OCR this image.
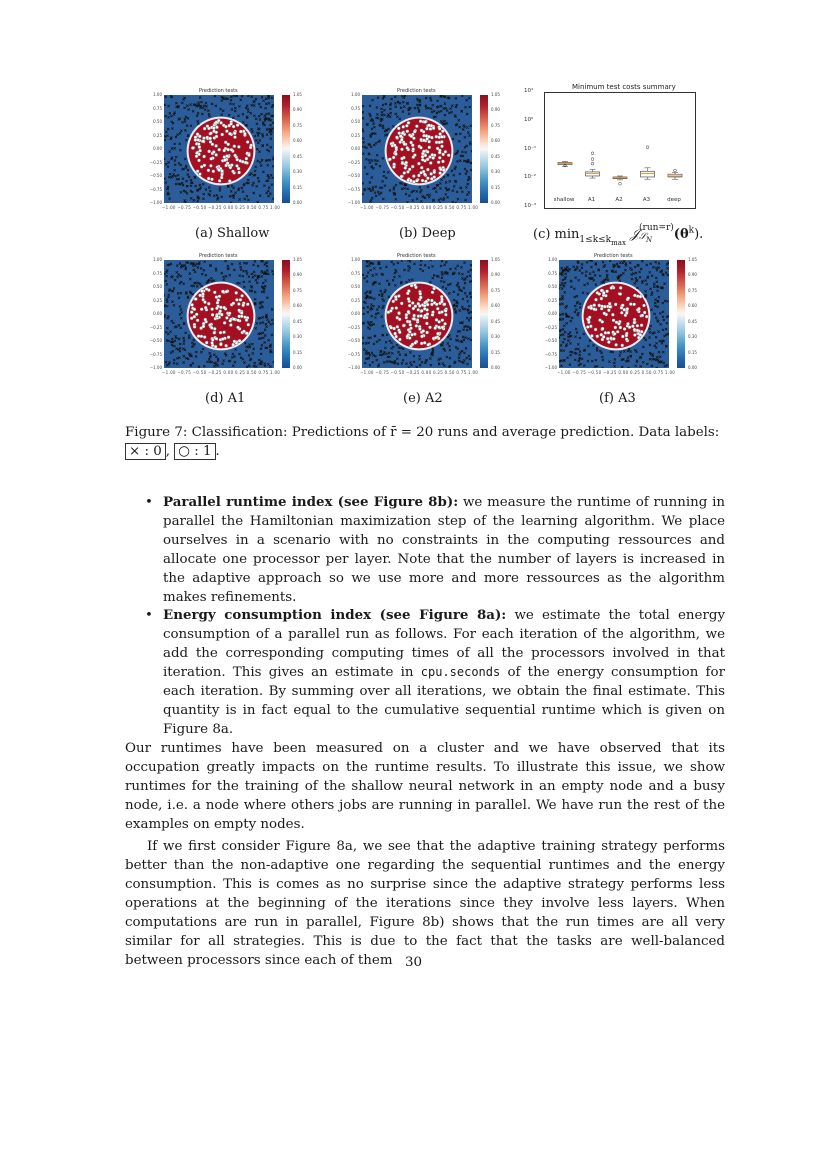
Prediction tests
1.00
0.75
0.50
0.25
0.00
−0.25
−0.50
−0.75
−1.00
−1.00 −0.75 −0.50 −0.25 0.00 0.25 0.50 0.75 1.00
1.05
0.90
0.75
0.60
0.45
0.30
0.15
0.00
Prediction tests
1.00
0.75
0.50
0.25
0.00
−0.25
−0.50
−0.75
−1.00
−1.00 −0.75 −0.50 −0.25 0.00 0.25 0.50 0.75 1.00
1.05
0.90
0.75
0.60
0.45
0.30
0.15
0.00
Prediction tests
1.00
0.75
0.50
0.25
0.00
−0.25
−0.50
−0.75
−1.00
−1.00 −0.75 −0.50 −0.25 0.00 0.25 0.50 0.75 1.00
1.05
0.90
0.75
0.60
0.45
0.30
0.15
0.00
Prediction tests
1.00
0.75
0.50
0.25
0.00
−0.25
−0.50
−0.75
−1.00
−1.00 −0.75 −0.50 −0.25 0.00 0.25 0.50 0.75 1.00
1.05
0.90
0.75
0.60
0.45
0.30
0.15
0.00
Prediction tests
1.00
0.75
0.50
0.25
0.00
−0.25
−0.50
−0.75
−1.00
−1.00 −0.75 −0.50 −0.25 0.00 0.25 0.50 0.75 1.00
1.05
0.90
0.75
0.60
0.45
0.30
0.15
0.00
Minimum test costs summary
10¹
10⁰
10⁻¹
10⁻²
10⁻³
shallow	A1	A2	A3	deep
(a) Shallow	(b) Deep	(c) $\min_{1\le k\le k_{max}}$ 𝒥 (run=r)
𝒮$_N$	$(\theta^k)$.
(d) A1	(e) A2	(f) A3
Figure 7: Classification: Predictions of r̄ = 20 runs and average prediction. Data labels:
× : 0 , ○ : 1 .
• Parallel runtime index (see Figure 8b): we measure the runtime of running in parallel the Hamiltonian maximization step of the learning algorithm. We place ourselves in a scenario with no constraints in the computing ressources and allocate one processor per layer. Note that the number of layers is increased in the adaptive approach so we use more and more ressources as the algorithm makes refinements.
• Energy consumption index (see Figure 8a): we estimate the total energy consumption of a parallel run as follows. For each iteration of the algorithm, we add the corresponding computing times of all the processors involved in that iteration. This gives an estimate in cpu.seconds of the energy consumption for each iteration. By summing over all iterations, we obtain the final estimate. This quantity is in fact equal to the cumulative sequential runtime which is given on Figure 8a.

Our runtimes have been measured on a cluster and we have observed that its occupation greatly impacts on the runtime results. To illustrate this issue, we show runtimes for the training of the shallow neural network in an empty node and a busy node, i.e. a node where others jobs are running in parallel. We have run the rest of the examples on empty nodes.

If we first consider Figure 8a, we see that the adaptive training strategy performs better than the non-adaptive one regarding the sequential runtimes and the energy consumption. This is comes as no surprise since the adaptive strategy performs less operations at the beginning of the iterations since they involve less layers. When computations are run in parallel, Figure 8b) shows that the run times are all very similar for all strategies. This is due to the fact that the tasks are well-balanced between processors since each of them 30
